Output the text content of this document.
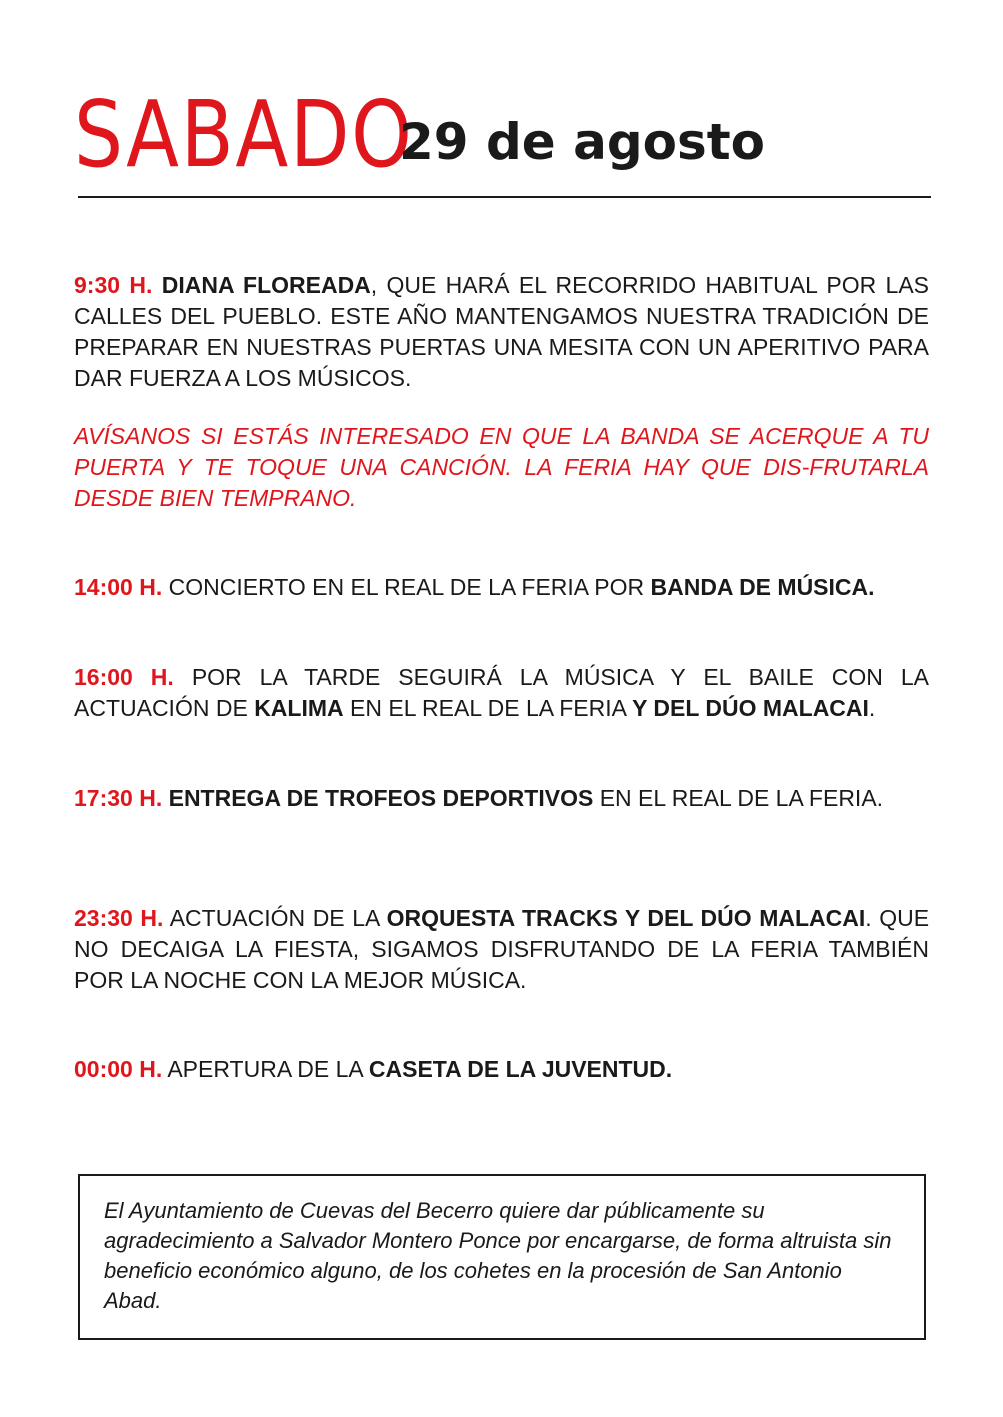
SABADO
29 de agosto
9:30 H. DIANA FLOREADA, QUE HARÁ EL RECORRIDO HABITUAL POR LAS CALLES DEL PUEBLO. ESTE AÑO MANTENGAMOS NUESTRA TRADICIÓN DE PREPARAR EN NUESTRAS PUERTAS UNA MESITA CON UN APERITIVO PARA DAR FUERZA A LOS MÚSICOS.
AVÍSANOS SI ESTÁS INTERESADO EN QUE LA BANDA SE ACERQUE A TU PUERTA Y TE TOQUE UNA CANCIÓN. LA FERIA HAY QUE DIS-FRUTARLA DESDE BIEN TEMPRANO.
14:00 H. CONCIERTO EN EL REAL DE LA FERIA POR BANDA DE MÚSICA.
16:00 H. POR LA TARDE SEGUIRÁ LA MÚSICA Y EL BAILE CON LA ACTUACIÓN DE KALIMA EN EL REAL DE LA FERIA Y DEL DÚO MALACAI.
17:30 H. ENTREGA DE TROFEOS DEPORTIVOS EN EL REAL DE LA FERIA.
23:30 H. ACTUACIÓN DE LA ORQUESTA TRACKS Y DEL DÚO MALACAI. QUE NO DECAIGA LA FIESTA, SIGAMOS DISFRUTANDO DE LA FERIA TAMBIÉN POR LA NOCHE CON LA MEJOR MÚSICA.
00:00 H. APERTURA DE LA CASETA DE LA JUVENTUD.
El Ayuntamiento de Cuevas del Becerro quiere dar públicamente su agradecimiento a Salvador Montero Ponce por encargarse, de forma altruista sin beneficio económico alguno, de los cohetes en la procesión de San Antonio Abad.
